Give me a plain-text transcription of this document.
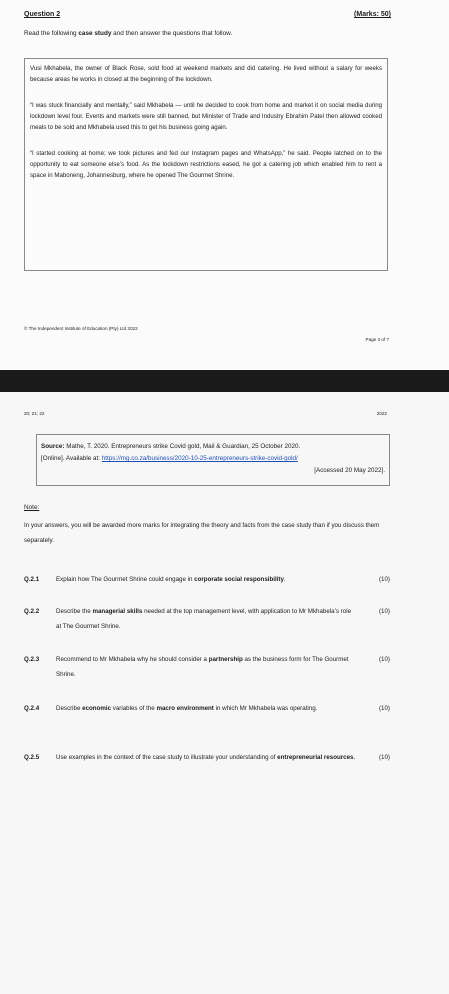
Question 2	(Marks: 50)
Read the following case study and then answer the questions that follow.

Vusi Mkhabela, the owner of Black Rose, sold food at weekend markets and did catering. He lived without a salary for weeks because areas he works in closed at the beginning of the lockdown.

“I was stuck financially and mentally,” said Mkhabela — until he decided to cook from home and market it on social media during lockdown level four. Events and markets were still banned, but Minister of Trade and Industry Ebrahim Patel then allowed cooked meals to be sold and Mkhabela used this to get his business going again.

“I started cooking at home; we took pictures and fed our Instagram pages and WhatsApp,” he said. People latched on to the opportunity to eat someone else’s food. As the lockdown restrictions eased, he got a catering job which enabled him to rent a space in Maboneng, Johannesburg, where he opened The Gourmet Shrine.

© The Independent Institute of Education (Pty) Ltd 2022
Page 3 of 7
20; 21; 22	2022
Source: Mathe, T. 2020. Entrepreneurs strike Covid gold, Mail & Guardian, 25 October 2020.
[Online]. Available at: https://mg.co.za/business/2020-10-25-entrepreneurs-strike-covid-gold/
[Accessed 20 May 2022].
Note:
In your answers, you will be awarded more marks for integrating the theory and facts from the case study than if you discuss them separately.
Q.2.1	Explain how The Gourmet Shrine could engage in corporate social responsibility.	(10)
Q.2.2	Describe the managerial skills needed at the top management level, with application to Mr Mkhabela’s role at The Gourmet Shrine.
(10)
Q.2.3	Recommend to Mr Mkhabela why he should consider a partnership as the business form for The Gourmet Shrine.
(10)
Q.2.4	Describe economic variables of the macro environment in which Mr Mkhabela was operating.	(10)
Q.2.5	Use examples in the context of the case study to illustrate your understanding of entrepreneurial resources.	(10)
